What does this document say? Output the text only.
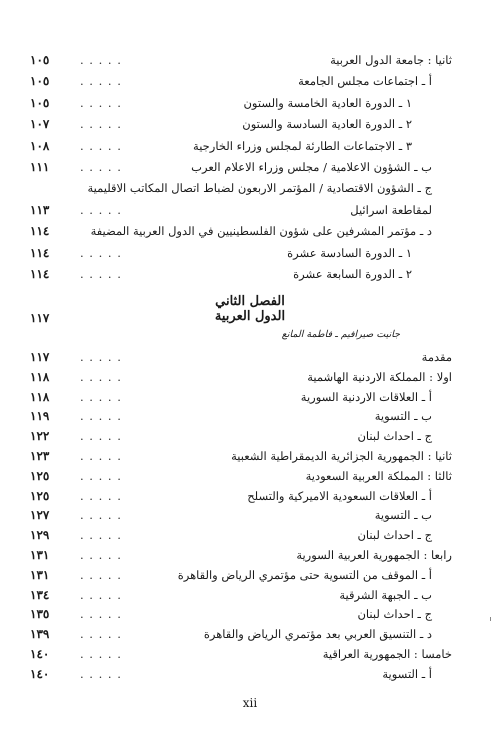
ثانيا : جامعة الدول العربية
. . . . .
١٠٥
أ ـ اجتماعات مجلس الجامعة
. . . . .
١٠٥
١ ـ الدورة العادية الخامسة والستون
. . . . .
١٠٥
٢ ـ الدورة العادية السادسة والستون
. . . . .
١٠٧
٣ ـ الاجتماعات الطارئة لمجلس وزراء الخارجية
. . . . .
١٠٨
ب ـ الشؤون الاعلامية / مجلس وزراء الاعلام العرب
. . . . .
١١١
ج ـ الشؤون الاقتصادية / المؤتمر الاربعون لضباط اتصال المكاتب الاقليمية
لمقاطعة اسرائيل
. . . . .
١١٣
د ـ مؤتمر المشرفين على شؤون الفلسطينيين في الدول العربية المضيفة
١١٤
١ ـ الدورة السادسة عشرة
. . . . .
١١٤
٢ ـ الدورة السابعة عشرة
. . . . .
١١٤
الفصل الثاني
الدول العربية
١١٧
جانيت صيرافيم ـ فاطمة المانع
مقدمة
. . . . .
١١٧
اولا : المملكة الاردنية الهاشمية
. . . . .
١١٨
أ ـ العلاقات الاردنية السورية
. . . . .
١١٨
ب ـ التسوية
. . . . .
١١٩
ج ـ احداث لبنان
. . . . .
١٢٢
ثانيا : الجمهورية الجزائرية الديمقراطية الشعبية
. . . . .
١٢٣
ثالثا : المملكة العربية السعودية
. . . . .
١٢٥
أ ـ العلاقات السعودية الاميركية والتسلح
. . . . .
١٢٥
ب ـ التسوية
. . . . .
١٢٧
ج ـ احداث لبنان
. . . . .
١٢٩
رابعا : الجمهورية العربية السورية
. . . . .
١٣١
أ ـ الموقف من التسوية حتى مؤتمري الرياض والقاهرة
. . . . .
١٣١
ب ـ الجبهة الشرقية
. . . . .
١٣٤
ج ـ احداث لبنان
. . . . .
١٣٥
د ـ التنسيق العربي بعد مؤتمري الرياض والقاهرة
. . . . .
١٣٩
خامسا : الجمهورية العراقية
. . . . .
١٤٠
أ ـ التسوية
. . . . .
١٤٠
xii
